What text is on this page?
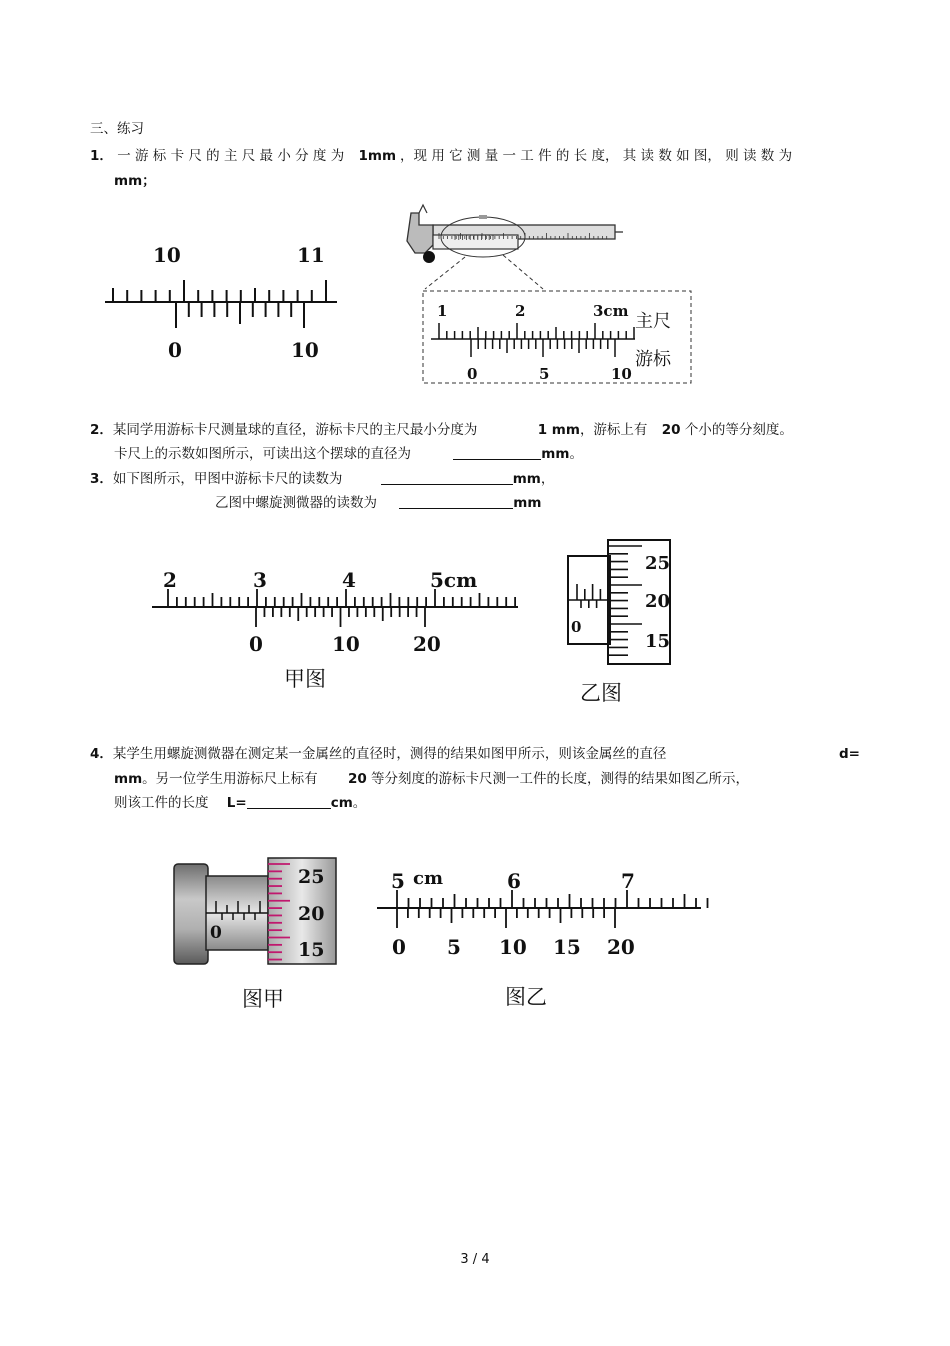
三、练习
1． 一 游 标 卡 尺 的 主 尺 最 小 分 度 为 1mm ，现 用 它 测 量 一 工 件 的 长 度， 其 读 数 如 图， 则 读 数 为
mm；
10	11
0	10
1	2	3cm 主尺
游标
0	5	10
2．某同学用游标卡尺测量球的直径，游标卡尺的主尺最小分度为	1 mm，游标上有 20 个小的等分刻度。
卡尺上的示数如图所示，可读出这个摆球的直径为	mm。
3．如下图所示，甲图中游标卡尺的读数为	mm，
乙图中螺旋测微器的读数为	mm
2	3	4	5cm
0	10	20
甲图
0
25
20
15
乙图
4．某学生用螺旋测微器在测定某一金属丝的直径时，测得的结果如图甲所示，则该金属丝的直径	d=
mm。另一位学生用游标尺上标有 20 等分刻度的游标卡尺测一工件的长度，测得的结果如图乙所示，
则该工件的长度 L=	cm。
0
25
20
15
图甲
5 cm	6	7
0 5 10 15 20
图乙
3 / 4
